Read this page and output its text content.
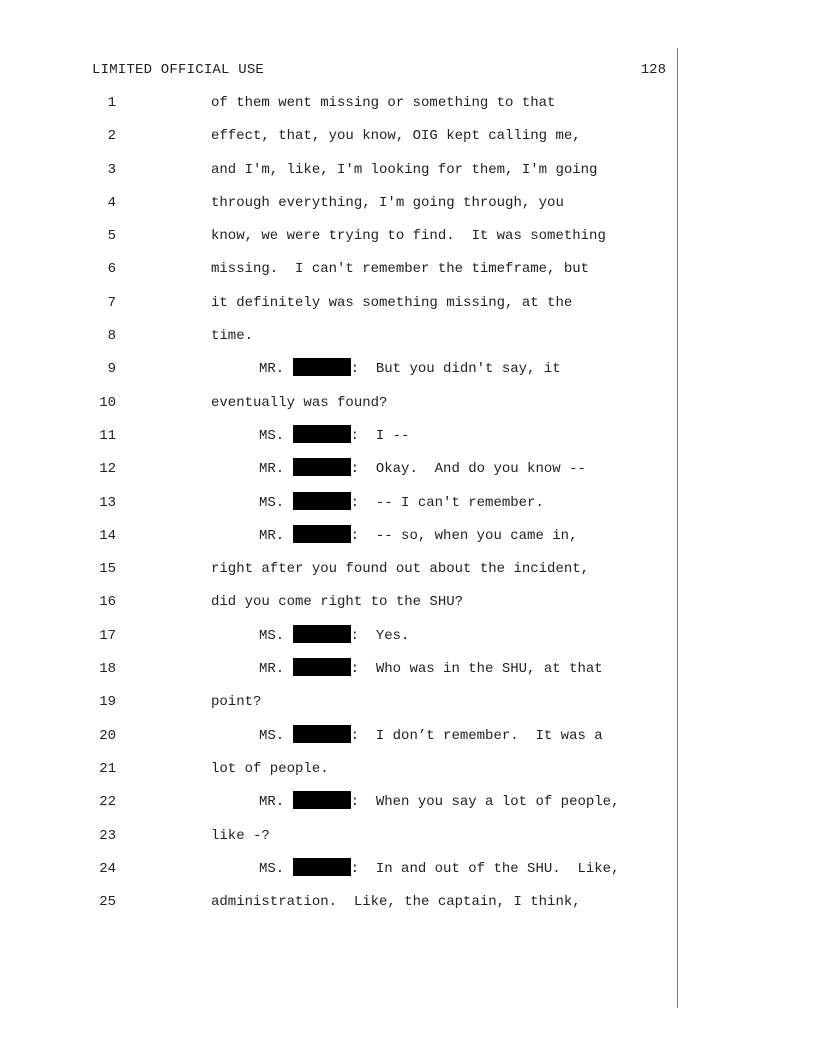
LIMITED OFFICIAL USE	128
1	of them went missing or something to that
2	effect, that, you know, OIG kept calling me,
3	and I'm, like, I'm looking for them, I'm going
4	through everything, I'm going through, you
5	know, we were trying to find.  It was something
6	missing.  I can't remember the timeframe, but
7	it definitely was something missing, at the
8	time.
9	MR.	:  But you didn't say, it
10	eventually was found?
11	MS.	:  I --
12	MR.	:  Okay.  And do you know --
13	MS.	:  -- I can't remember.
14	MR.	:  -- so, when you came in,
15	right after you found out about the incident,
16	did you come right to the SHU?
17	MS.	:  Yes.
18	MR.	:  Who was in the SHU, at that
19	point?
20	MS.	:  I don’t remember.  It was a
21	lot of people.
22	MR.	:  When you say a lot of people,
23	like -?
24	MS.	:  In and out of the SHU.  Like,
25	administration.  Like, the captain, I think,
